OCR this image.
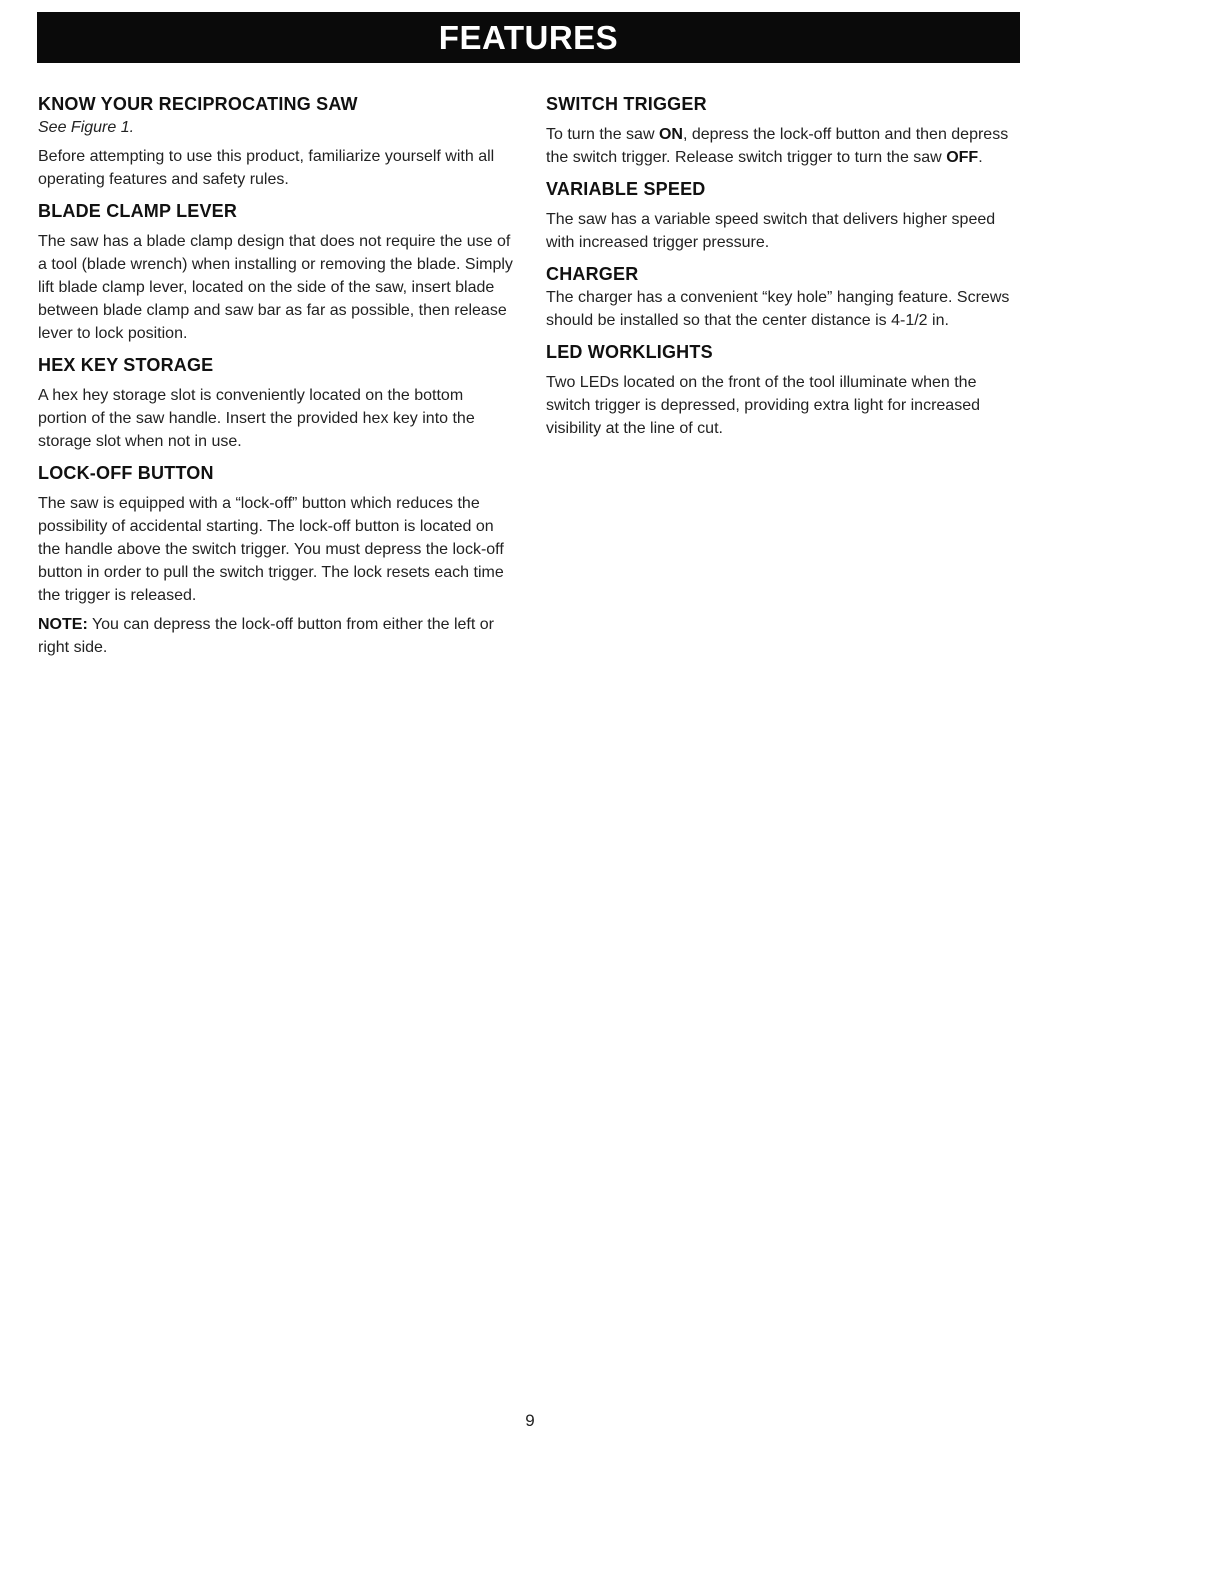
FEATURES
KNOW YOUR RECIPROCATING SAW

See Figure 1.

Before attempting to use this product, familiarize yourself with all operating features and safety rules.

BLADE CLAMP LEVER

The saw has a blade clamp design that does not require the use of a tool (blade wrench) when installing or removing the blade. Simply lift blade clamp lever, located on the side of the saw, insert blade between blade clamp and saw bar as far as possible, then release lever to lock position.

HEX KEY STORAGE

A hex hey storage slot is conveniently located on the bottom portion of the saw handle. Insert the provided hex key into the storage slot when not in use.

LOCK-OFF BUTTON

The saw is equipped with a “lock-off” button which reduces the possibility of accidental starting. The lock-off button is located on the handle above the switch trigger. You must depress the lock-off button in order to pull the switch trigger. The lock resets each time the trigger is released.

NOTE: You can depress the lock-off button from either the left or right side.

SWITCH TRIGGER

To turn the saw ON, depress the lock-off button and then depress the switch trigger. Release switch trigger to turn the saw OFF.

VARIABLE SPEED

The saw has a variable speed switch that delivers higher speed with increased trigger pressure.

CHARGER

The charger has a convenient “key hole” hanging feature. Screws should be installed so that the center distance is 4-1/2 in.

LED WORKLIGHTS

Two LEDs located on the front of the tool illuminate when the switch trigger is depressed, providing extra light for increased visibility at the line of cut.

9
